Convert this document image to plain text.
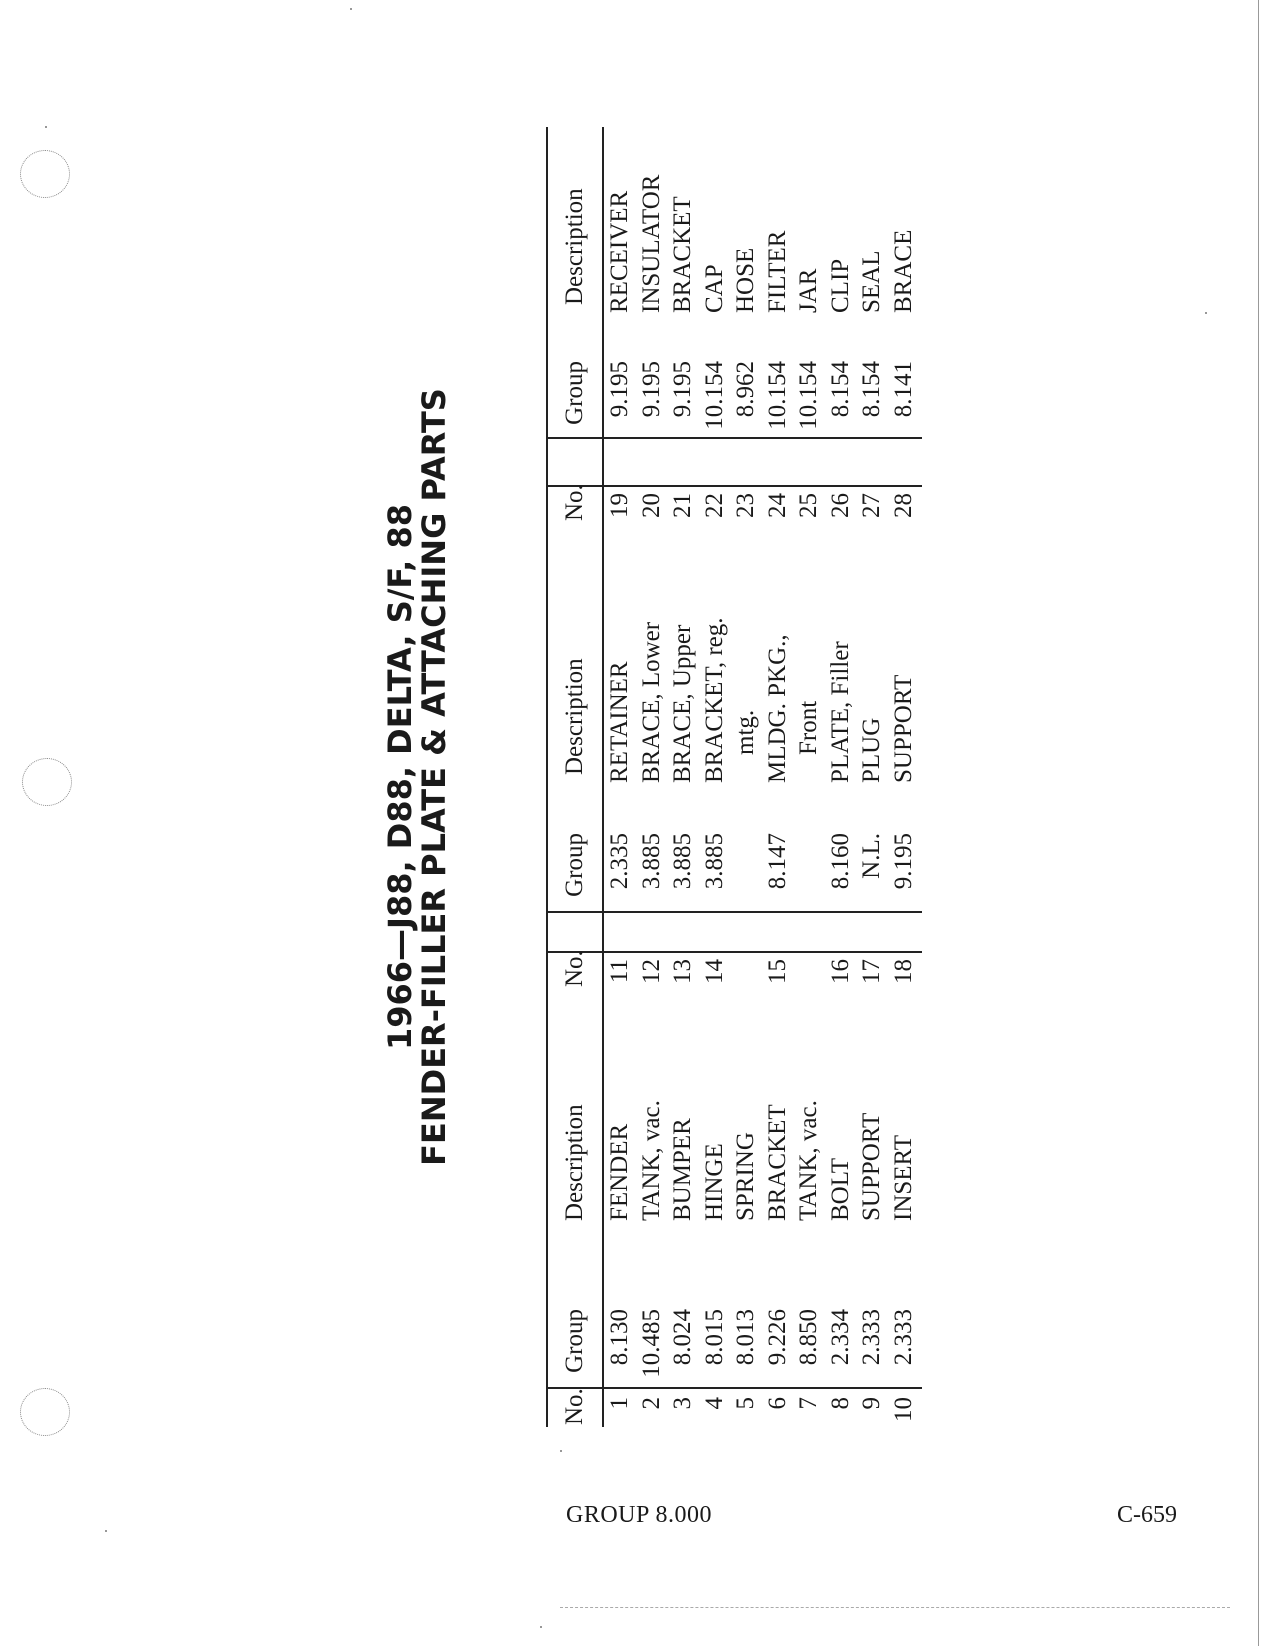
1966—J88, D88, DELTA, S/F, 88
FENDER-FILLER PLATE & ATTACHING PARTS
No. 1 2 3 4 5 6 7 8 9 10
Group 8.130 10.485 8.024 8.015 8.013 9.226 8.850 2.334 2.333 2.333
Description FENDER TANK, vac. BUMPER HINGE SPRING BRACKET TANK, vac. BOLT SUPPORT INSERT
No. 11 12 13 14 15 16 17 18
Group 2.335 3.885 3.885 3.885 8.147 8.160 N.L. 9.195
Description RETAINER BRACE, Lower BRACE, Upper BRACKET, reg. mtg. MLDG. PKG., Front PLATE, Filler PLUG SUPPORT
No. 19 20 21 22 23 24 25 26 27 28
Group 9.195 9.195 9.195 10.154 8.962 10.154 10.154 8.154 8.154 8.141
Description RECEIVER INSULATOR BRACKET CAP HOSE FILTER JAR CLIP SEAL BRACE
GROUP 8.000	C-659
